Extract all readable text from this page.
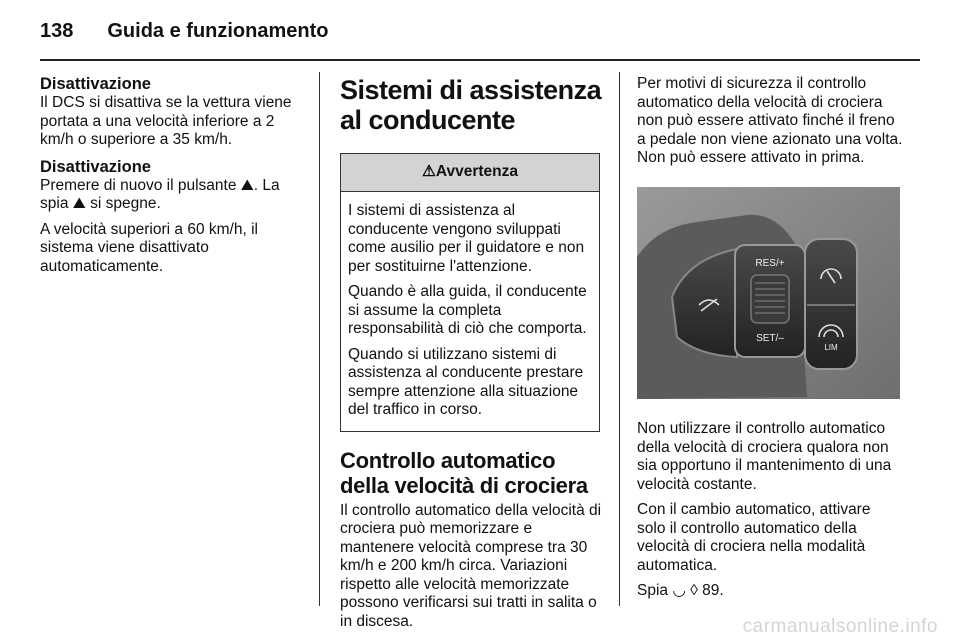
138 Guida e funzionamento
Disattivazione

Il DCS si disattiva se la vettura viene portata a una velocità inferiore a 2 km/h o superiore a 35 km/h.

Disattivazione

Premere di nuovo il pulsante ⛰. La spia ⛰ si spegne.

A velocità superiori a 60 km/h, il sistema viene disattivato automaticamente.

Sistemi di assistenza al conducente
⚠ Avvertenza

I sistemi di assistenza al conducente vengono sviluppati come ausilio per il guidatore e non per sostituirne l'attenzione.

Quando è alla guida, il conducente si assume la completa responsabilità di ciò che comporta.

Quando si utilizzano sistemi di assistenza al conducente prestare sempre attenzione alla situazione del traffico in corso.

Controllo automatico della velocità di crociera

Il controllo automatico della velocità di crociera può memorizzare e mantenere velocità comprese tra 30 km/h e 200 km/h circa. Variazioni rispetto alle velocità memorizzate possono verificarsi sui tratti in salita o in discesa.

Per motivi di sicurezza il controllo automatico della velocità di crociera non può essere attivato finché il freno a pedale non viene azionato una volta. Non può essere attivato in prima.

RES/+
SET/–
LIM

Non utilizzare il controllo automatico della velocità di crociera qualora non sia opportuno il mantenimento di una velocità costante.

Con il cambio automatico, attivare solo il controllo automatico della velocità di crociera nella modalità automatica.

Spia ◡ ◊ 89.

carmanualsonline.info
